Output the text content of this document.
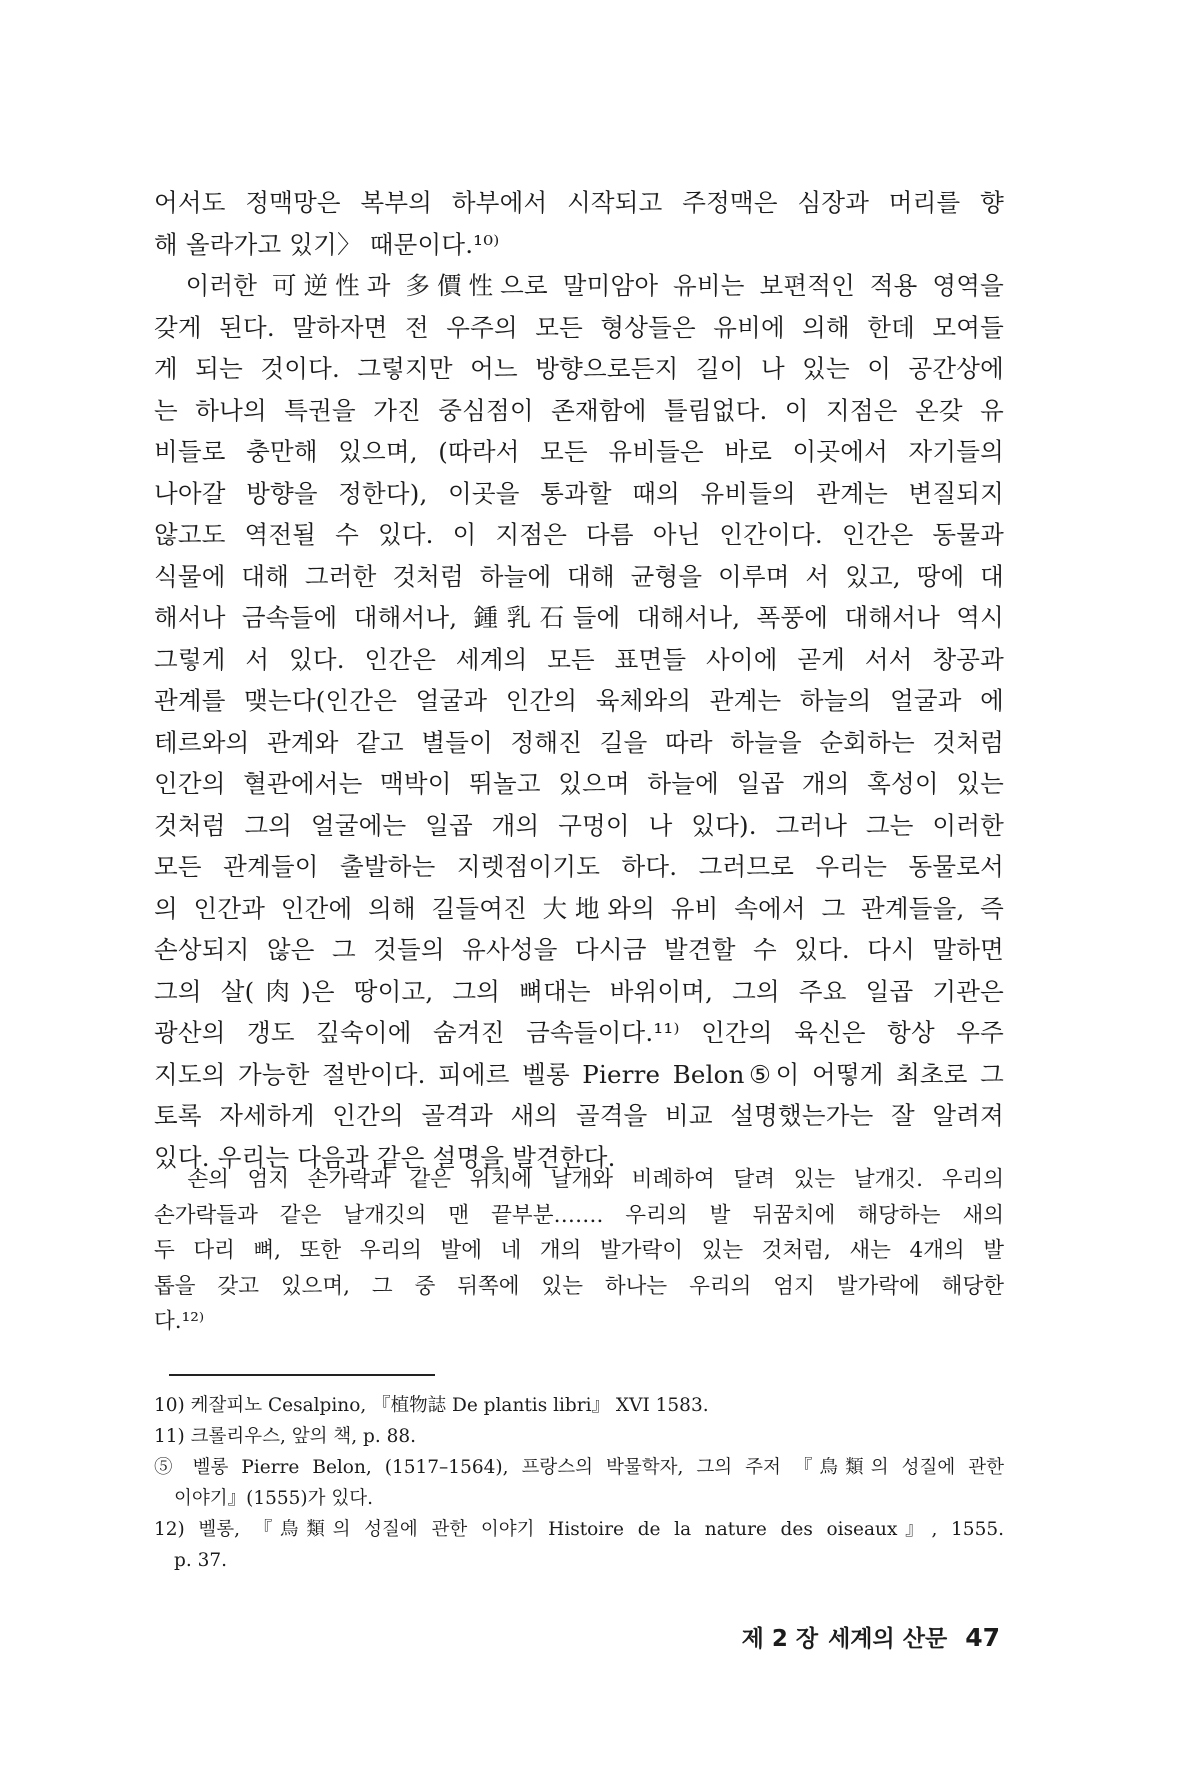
어서도 정맥망은 복부의 하부에서 시작되고 주정맥은 심장과 머리를 향
해 올라가고 있기〉 때문이다.¹⁰⁾
　이러한 可逆性과 多價性으로 말미암아 유비는 보편적인 적용 영역을
갖게 된다. 말하자면 전 우주의 모든 형상들은 유비에 의해 한데 모여들
게 되는 것이다. 그렇지만 어느 방향으로든지 길이 나 있는 이 공간상에
는 하나의 특권을 가진 중심점이 존재함에 틀림없다. 이 지점은 온갖 유
비들로 충만해 있으며, (따라서 모든 유비들은 바로 이곳에서 자기들의
나아갈 방향을 정한다), 이곳을 통과할 때의 유비들의 관계는 변질되지
않고도 역전될 수 있다. 이 지점은 다름 아닌 인간이다. 인간은 동물과
식물에 대해 그러한 것처럼 하늘에 대해 균형을 이루며 서 있고, 땅에 대
해서나 금속들에 대해서나, 鍾乳石들에 대해서나, 폭풍에 대해서나 역시
그렇게 서 있다. 인간은 세계의 모든 표면들 사이에 곧게 서서 창공과
관계를 맺는다(인간은 얼굴과 인간의 육체와의 관계는 하늘의 얼굴과 에
테르와의 관계와 같고 별들이 정해진 길을 따라 하늘을 순회하는 것처럼
인간의 혈관에서는 맥박이 뛰놀고 있으며 하늘에 일곱 개의 혹성이 있는
것처럼 그의 얼굴에는 일곱 개의 구멍이 나 있다). 그러나 그는 이러한
모든 관계들이 출발하는 지렛점이기도 하다. 그러므로 우리는 동물로서
의 인간과 인간에 의해 길들여진 大地와의 유비 속에서 그 관계들을, 즉
손상되지 않은 그 것들의 유사성을 다시금 발견할 수 있다. 다시 말하면
그의 살(肉)은 땅이고, 그의 뼈대는 바위이며, 그의 주요 일곱 기관은
광산의 갱도 깊숙이에 숨겨진 금속들이다.¹¹⁾ 인간의 육신은 항상 우주
지도의 가능한 절반이다. 피에르 벨롱 Pierre Belon⑤이 어떻게 최초로 그
토록 자세하게 인간의 골격과 새의 골격을 비교 설명했는가는 잘 알려져
있다. 우리는 다음과 같은 설명을 발견한다.
　손의 엄지 손가락과 같은 위치에 날개와 비례하여 달려 있는 날개깃. 우리의
손가락들과 같은 날개깃의 맨 끝부분……. 우리의 발 뒤꿈치에 해당하는 새의
두 다리 뼈, 또한 우리의 발에 네 개의 발가락이 있는 것처럼, 새는 4개의 발
톱을 갖고 있으며, 그 중 뒤쪽에 있는 하나는 우리의 엄지 발가락에 해당한
다.¹²⁾
10) 케잘피노 Cesalpino, 『植物誌 De plantis libri』 XVI 1583.
11) 크롤리우스, 앞의 책, p. 88.
⑤ 벨롱 Pierre Belon, (1517–1564), 프랑스의 박물학자, 그의 주저 『鳥類의 성질에 관한
이야기』(1555)가 있다.
12) 벨롱, 『鳥類의 성질에 관한 이야기 Histoire de la nature des oiseaux』, 1555.
p. 37.
제 2 장 세계의 산문 47
